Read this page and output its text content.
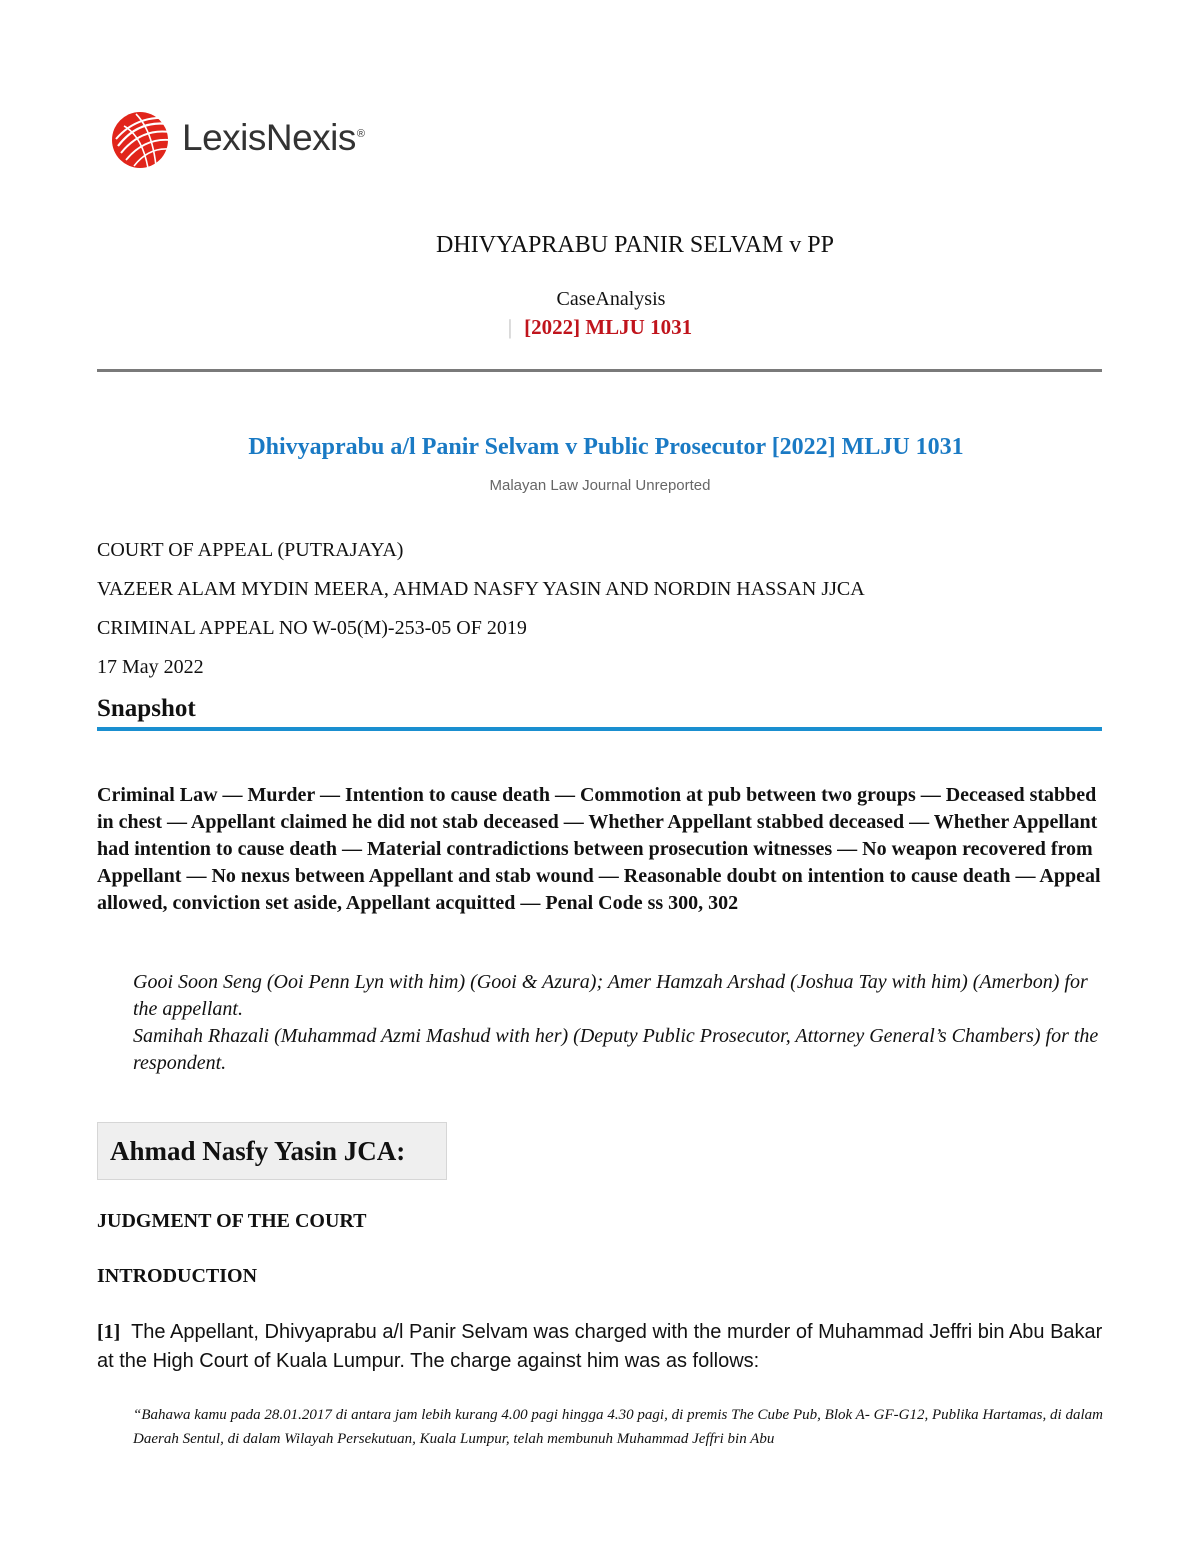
LexisNexis®
DHIVYAPRABU PANIR SELVAM v PP
CaseAnalysis
| [2022] MLJU 1031
Dhivyaprabu a/l Panir Selvam v Public Prosecutor [2022] MLJU 1031
Malayan Law Journal Unreported
COURT OF APPEAL (PUTRAJAYA)
VAZEER ALAM MYDIN MEERA, AHMAD NASFY YASIN AND NORDIN HASSAN JJCA
CRIMINAL APPEAL NO W-05(M)-253-05 OF 2019
17 May 2022
Snapshot
Criminal Law — Murder — Intention to cause death — Commotion at pub between two groups — Deceased stabbed in chest — Appellant claimed he did not stab deceased — Whether Appellant stabbed deceased — Whether Appellant had intention to cause death — Material contradictions between prosecution witnesses — No weapon recovered from Appellant — No nexus between Appellant and stab wound — Reasonable doubt on intention to cause death — Appeal allowed, conviction set aside, Appellant acquitted — Penal Code ss 300, 302
Gooi Soon Seng (Ooi Penn Lyn with him) (Gooi & Azura); Amer Hamzah Arshad (Joshua Tay with him) (Amerbon) for the appellant.
Samihah Rhazali (Muhammad Azmi Mashud with her) (Deputy Public Prosecutor, Attorney General’s Chambers) for the respondent.
Ahmad Nasfy Yasin JCA:
JUDGMENT OF THE COURT
INTRODUCTION
[1] The Appellant, Dhivyaprabu a/l Panir Selvam was charged with the murder of Muhammad Jeffri bin Abu Bakar at the High Court of Kuala Lumpur. The charge against him was as follows:
“Bahawa kamu pada 28.01.2017 di antara jam lebih kurang 4.00 pagi hingga 4.30 pagi, di premis The Cube Pub, Blok A- GF-G12, Publika Hartamas, di dalam Daerah Sentul, di dalam Wilayah Persekutuan, Kuala Lumpur, telah membunuh Muhammad Jeffri bin Abu
